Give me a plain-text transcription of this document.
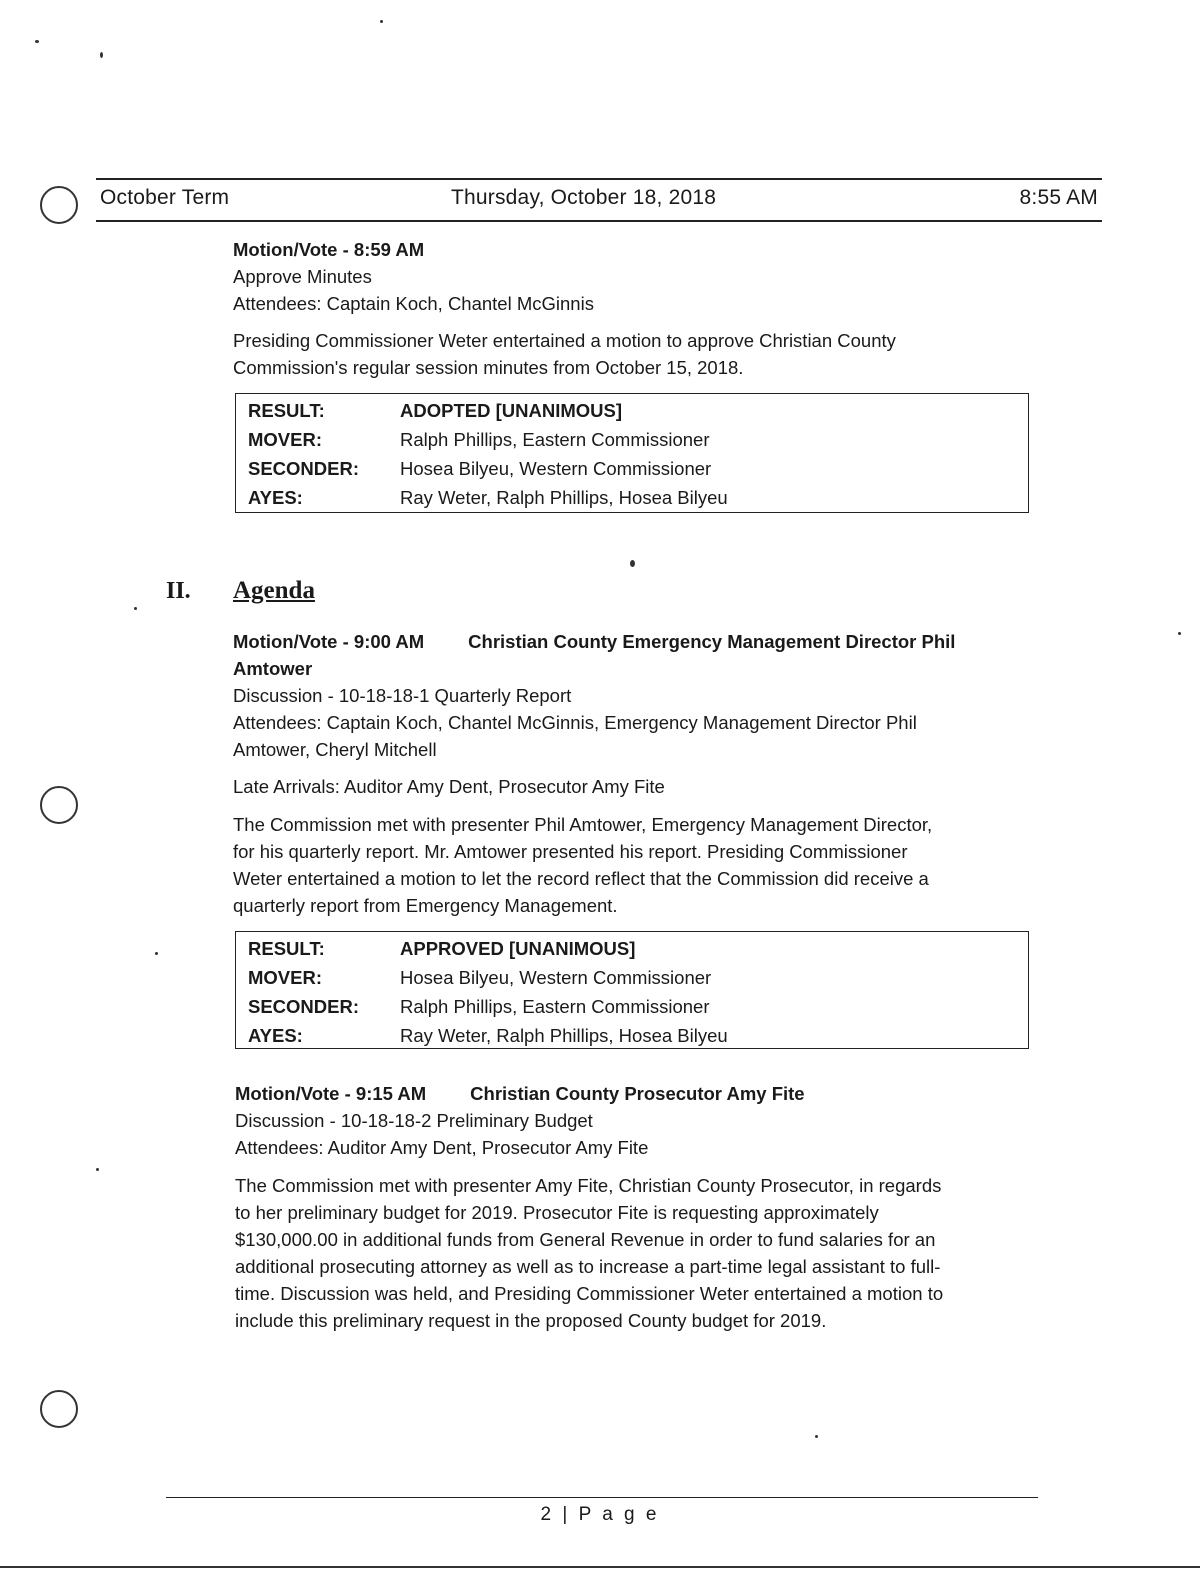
October Term	Thursday, October 18, 2018	8:55 AM
Motion/Vote - 8:59 AM
Approve Minutes
Attendees: Captain Koch, Chantel McGinnis
Presiding Commissioner Weter entertained a motion to approve Christian County
Commission's regular session minutes from October 15, 2018.
RESULT:	ADOPTED [UNANIMOUS]
MOVER:	Ralph Phillips, Eastern Commissioner
SECONDER:	Hosea Bilyeu, Western Commissioner
AYES:	Ray Weter, Ralph Phillips, Hosea Bilyeu
II. Agenda
Motion/Vote - 9:00 AM Christian County Emergency Management Director Phil
Amtower
Discussion - 10-18-18-1 Quarterly Report
Attendees: Captain Koch, Chantel McGinnis, Emergency Management Director Phil
Amtower, Cheryl Mitchell
Late Arrivals: Auditor Amy Dent, Prosecutor Amy Fite
The Commission met with presenter Phil Amtower, Emergency Management Director,
for his quarterly report. Mr. Amtower presented his report. Presiding Commissioner
Weter entertained a motion to let the record reflect that the Commission did receive a
quarterly report from Emergency Management.
RESULT:	APPROVED [UNANIMOUS]
MOVER:	Hosea Bilyeu, Western Commissioner
SECONDER:	Ralph Phillips, Eastern Commissioner
AYES:	Ray Weter, Ralph Phillips, Hosea Bilyeu
Motion/Vote - 9:15 AM Christian County Prosecutor Amy Fite
Discussion - 10-18-18-2 Preliminary Budget
Attendees: Auditor Amy Dent, Prosecutor Amy Fite
The Commission met with presenter Amy Fite, Christian County Prosecutor, in regards
to her preliminary budget for 2019. Prosecutor Fite is requesting approximately
$130,000.00 in additional funds from General Revenue in order to fund salaries for an
additional prosecuting attorney as well as to increase a part-time legal assistant to full-
time. Discussion was held, and Presiding Commissioner Weter entertained a motion to
include this preliminary request in the proposed County budget for 2019.
2 | P a g e
